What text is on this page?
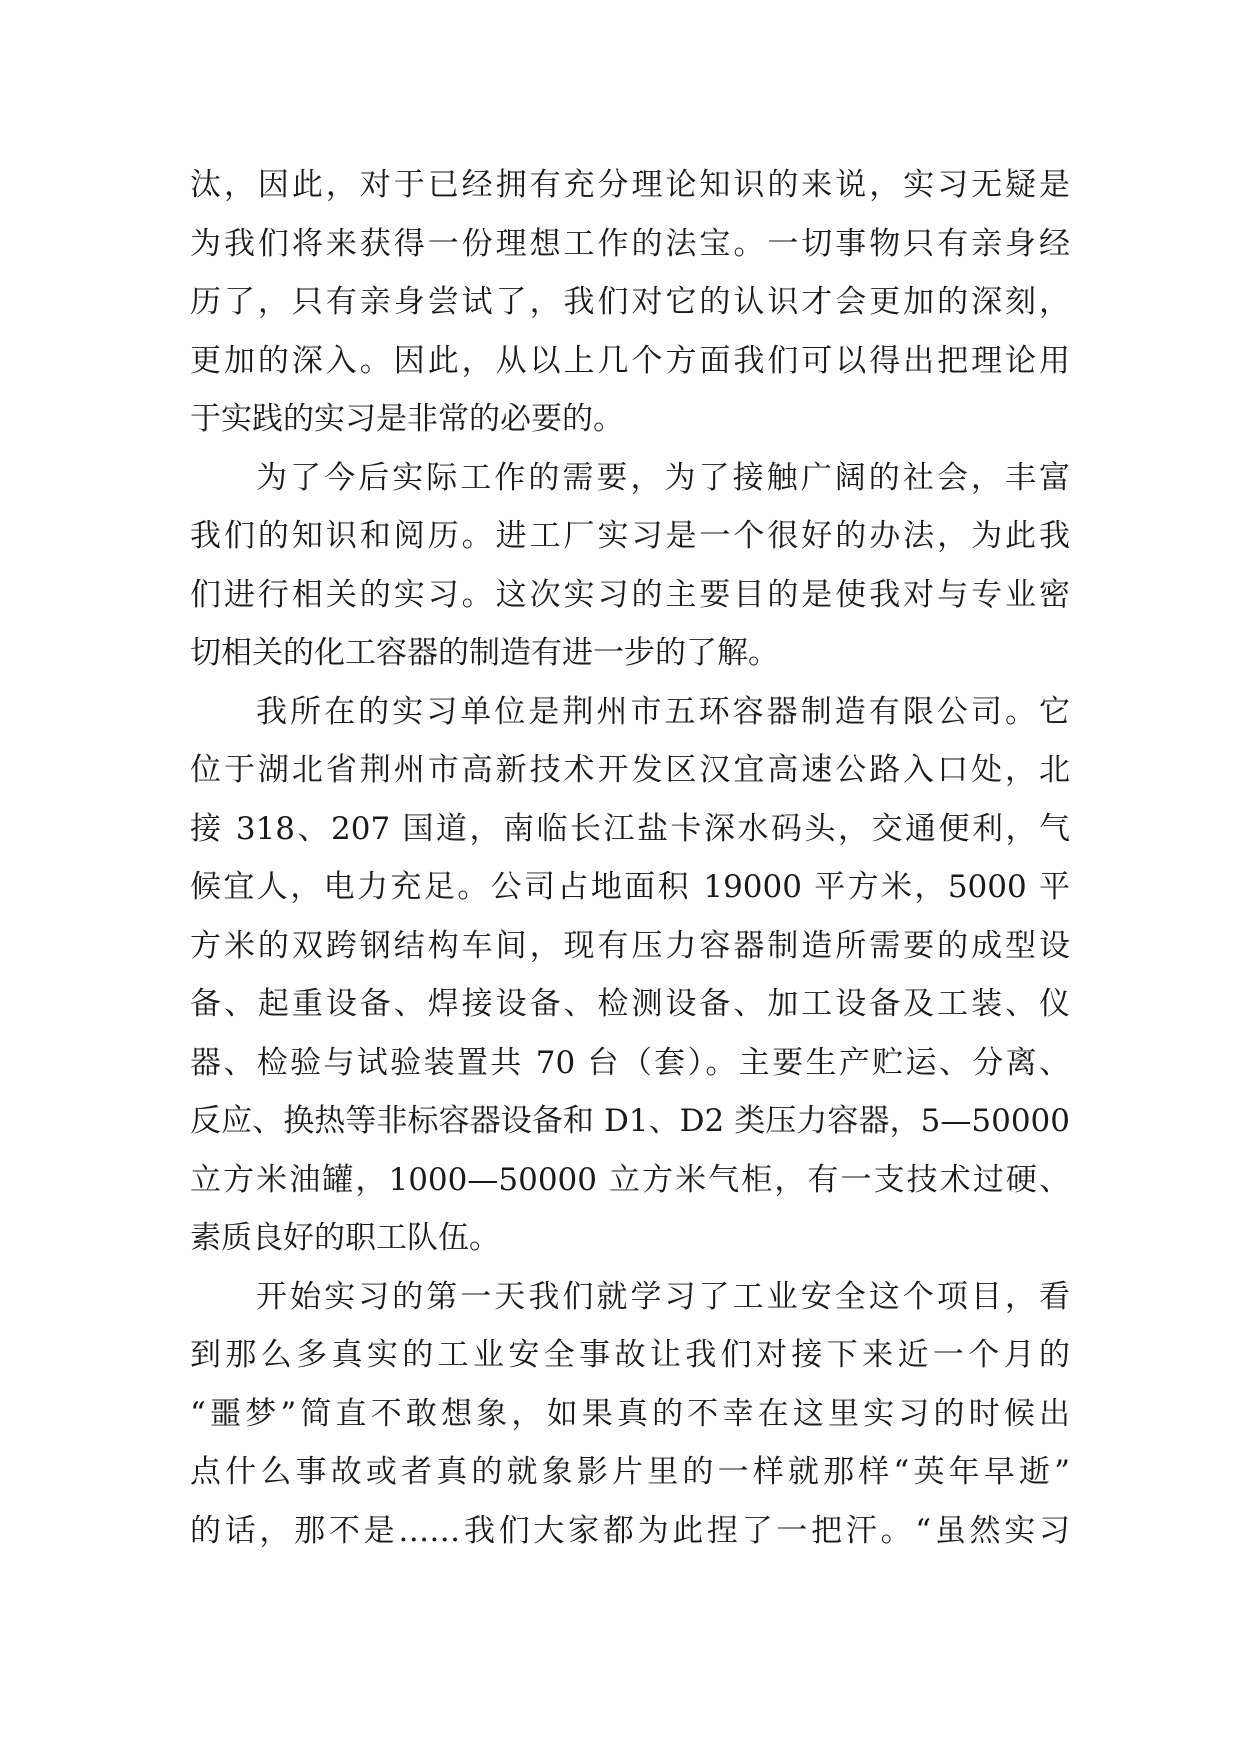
汰，因此，对于已经拥有充分理论知识的来说，实习无疑是
为我们将来获得一份理想工作的法宝。一切事物只有亲身经
历了，只有亲身尝试了，我们对它的认识才会更加的深刻，
更加的深入。因此，从以上几个方面我们可以得出把理论用
于实践的实习是非常的必要的。
为了今后实际工作的需要，为了接触广阔的社会，丰富
我们的知识和阅历。进工厂实习是一个很好的办法，为此我
们进行相关的实习。这次实习的主要目的是使我对与专业密
切相关的化工容器的制造有进一步的了解。
我所在的实习单位是荆州市五环容器制造有限公司。它
位于湖北省荆州市高新技术开发区汉宜高速公路入口处，北
接 318、207 国道，南临长江盐卡深水码头，交通便利，气
候宜人，电力充足。公司占地面积 19000 平方米，5000 平
方米的双跨钢结构车间，现有压力容器制造所需要的成型设
备、起重设备、焊接设备、检测设备、加工设备及工装、仪
器、检验与试验装置共 70 台（套）。主要生产贮运、分离、
反应、换热等非标容器设备和 D1、D2 类压力容器，5—50000
立方米油罐，1000—50000 立方米气柜，有一支技术过硬、
素质良好的职工队伍。
开始实习的第一天我们就学习了工业安全这个项目，看
到那么多真实的工业安全事故让我们对接下来近一个月的
“噩梦”简直不敢想象，如果真的不幸在这里实习的时候出
点什么事故或者真的就象影片里的一样就那样“英年早逝”
的话，那不是……我们大家都为此捏了一把汗。“虽然实习
